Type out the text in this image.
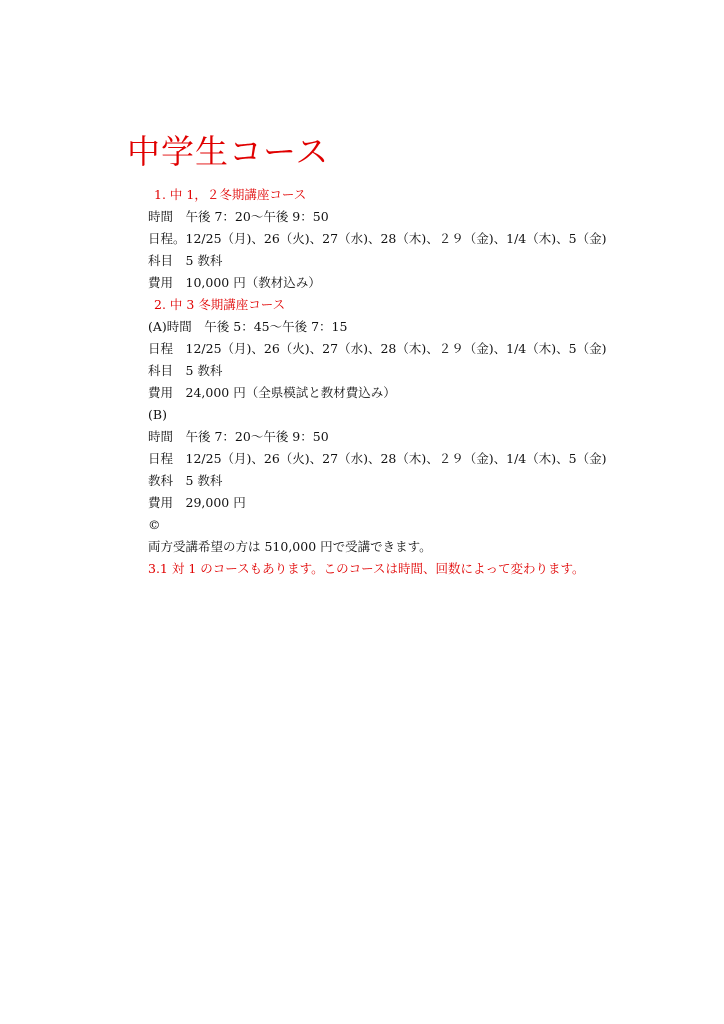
中学生コース
1. 中 1，２冬期講座コース
時間　午後 7：20～午後 9：50
日程。12/25（月)、26（火)、27（水)、28（木)、２９（金)、1/4（木)、5（金)
科目　5 教科
費用　10,000 円（教材込み）
2. 中 3 冬期講座コース
(A)時間　午後 5：45～午後 7：15
日程　12/25（月)、26（火)、27（水)、28（木)、２９（金)、1/4（木)、5（金)
科目　5 教科
費用　24,000 円（全県模試と教材費込み）
(B)
時間　午後 7：20～午後 9：50
日程　12/25（月)、26（火)、27（水)、28（木)、２９（金)、1/4（木)、5（金)
教科　5 教科
費用　29,000 円
©
両方受講希望の方は 510,000 円で受講できます。
3.1 対 1 のコースもあります。このコースは時間、回数によって変わります。
